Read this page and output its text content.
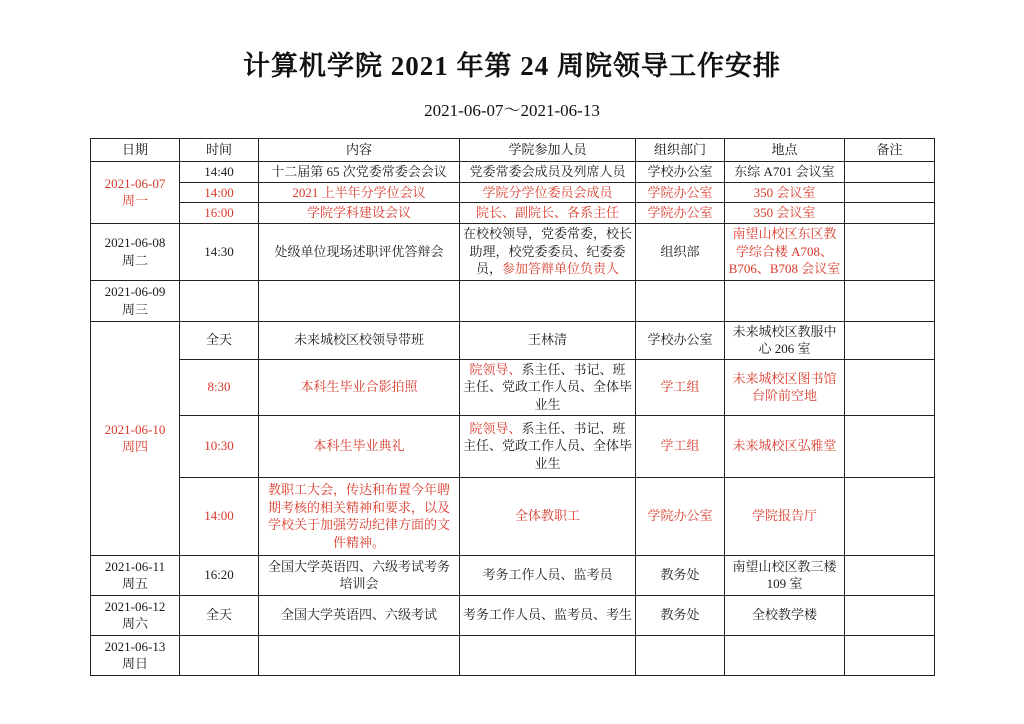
计算机学院 2021 年第 24 周院领导工作安排
2021-06-07～2021-06-13
日期	时间	内容	学院参加人员	组织部门	地点	备注

2021-06-07
周一	14:40	十二届第 65 次党委常委会会议	党委常委会成员及列席人员	学校办公室	东综 A701 会议室	
	14:00	2021 上半年分学位会议	学院分学位委员会成员	学院办公室	350 会议室	
	16:00	学院学科建设会议	院长、副院长、各系主任	学院办公室	350 会议室	

2021-06-08
周二	14:30	处级单位现场述职评优答辩会	在校校领导，党委常委，校长助理，校党委委员、纪委委员，参加答辩单位负责人	组织部	南望山校区东区教学综合楼 A708、B706、B708 会议室	

2021-06-09
周三						

2021-06-10
周四	全天	未来城校区校领导带班	王林清	学校办公室	未来城校区教服中心 206 室	
	8:30	本科生毕业合影拍照	院领导、系主任、书记、班主任、党政工作人员、全体毕业生	学工组	未来城校区图书馆台阶前空地	
	10:30	本科生毕业典礼	院领导、系主任、书记、班主任、党政工作人员、全体毕业生	学工组	未来城校区弘雅堂	
	14:00	教职工大会，传达和布置今年聘期考核的相关精神和要求，以及学校关于加强劳动纪律方面的文件精神。	全体教职工	学院办公室	学院报告厅	

2021-06-11
周五	16:20	全国大学英语四、六级考试考务培训会	考务工作人员、监考员	教务处	南望山校区教三楼 109 室	

2021-06-12
周六	全天	全国大学英语四、六级考试	考务工作人员、监考员、考生	教务处	全校教学楼	

2021-06-13
周日						
